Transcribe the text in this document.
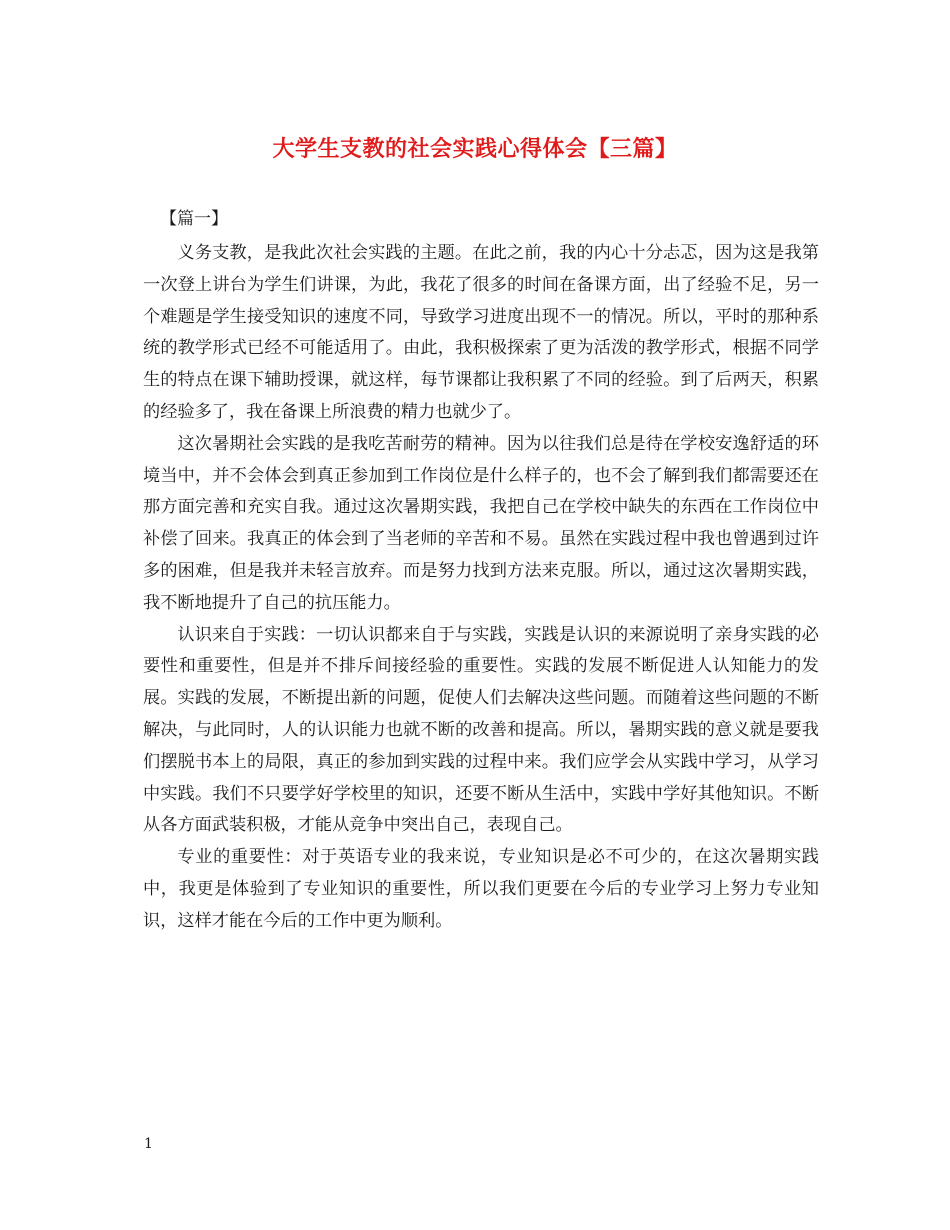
大学生支教的社会实践心得体会【三篇】
【篇一】

义务支教，是我此次社会实践的主题。在此之前，我的内心十分忐忑，因为这是我第一次登上讲台为学生们讲课，为此，我花了很多的时间在备课方面，出了经验不足，另一个难题是学生接受知识的速度不同，导致学习进度出现不一的情况。所以，平时的那种系统的教学形式已经不可能适用了。由此，我积极探索了更为活泼的教学形式，根据不同学生的特点在课下辅助授课，就这样，每节课都让我积累了不同的经验。到了后两天，积累的经验多了，我在备课上所浪费的精力也就少了。

这次暑期社会实践的是我吃苦耐劳的精神。因为以往我们总是待在学校安逸舒适的环境当中，并不会体会到真正参加到工作岗位是什么样子的，也不会了解到我们都需要还在那方面完善和充实自我。通过这次暑期实践，我把自己在学校中缺失的东西在工作岗位中补偿了回来。我真正的体会到了当老师的辛苦和不易。虽然在实践过程中我也曾遇到过许多的困难，但是我并未轻言放弃。而是努力找到方法来克服。所以，通过这次暑期实践，我不断地提升了自己的抗压能力。

认识来自于实践：一切认识都来自于与实践，实践是认识的来源说明了亲身实践的必要性和重要性，但是并不排斥间接经验的重要性。实践的发展不断促进人认知能力的发展。实践的发展，不断提出新的问题，促使人们去解决这些问题。而随着这些问题的不断解决，与此同时，人的认识能力也就不断的改善和提高。所以，暑期实践的意义就是要我们摆脱书本上的局限，真正的参加到实践的过程中来。我们应学会从实践中学习，从学习中实践。我们不只要学好学校里的知识，还要不断从生活中，实践中学好其他知识。不断从各方面武装积极，才能从竞争中突出自己，表现自己。

专业的重要性：对于英语专业的我来说，专业知识是必不可少的，在这次暑期实践中，我更是体验到了专业知识的重要性，所以我们更要在今后的专业学习上努力专业知识，这样才能在今后的工作中更为顺利。

1
